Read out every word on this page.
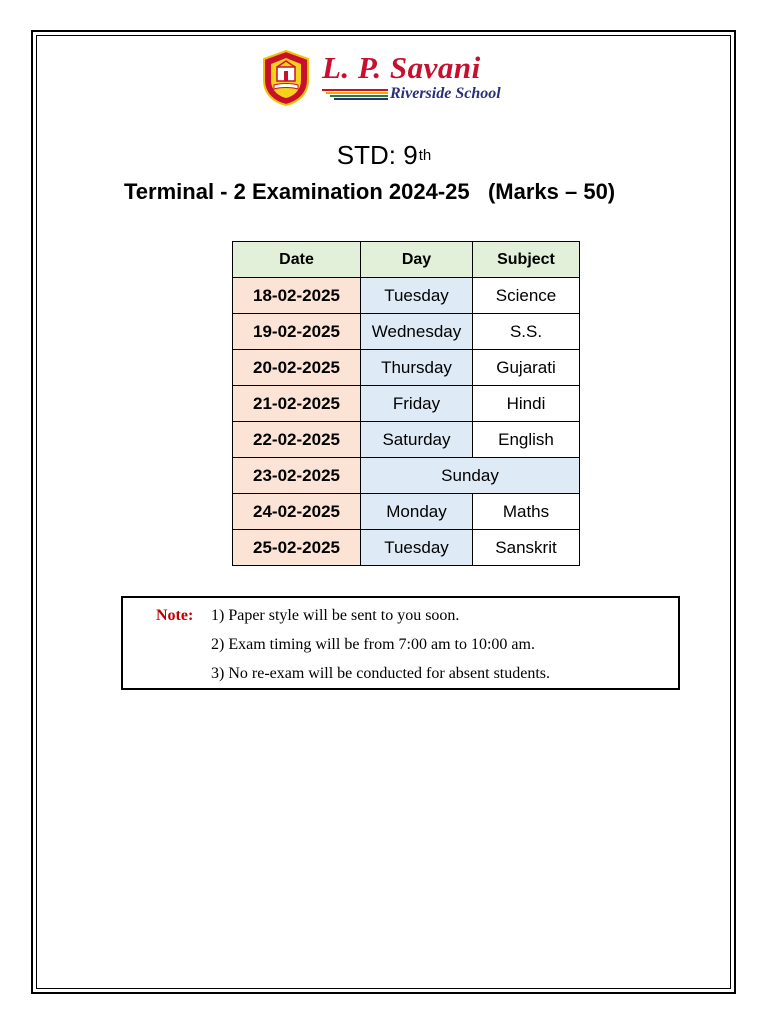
L. P. Savani
Riverside School
STD: 9th
Terminal - 2 Examination 2024-25   (Marks – 50)
Date	Day	Subject
18-02-2025	Tuesday	Science
19-02-2025	Wednesday	S.S.
20-02-2025	Thursday	Gujarati
21-02-2025	Friday	Hindi
22-02-2025	Saturday	English
23-02-2025	Sunday	
24-02-2025	Monday	Maths
25-02-2025	Tuesday	Sanskrit
Note: 1) Paper style will be sent to you soon.
2) Exam timing will be from 7:00 am to 10:00 am.
3) No re-exam will be conducted for absent students.
